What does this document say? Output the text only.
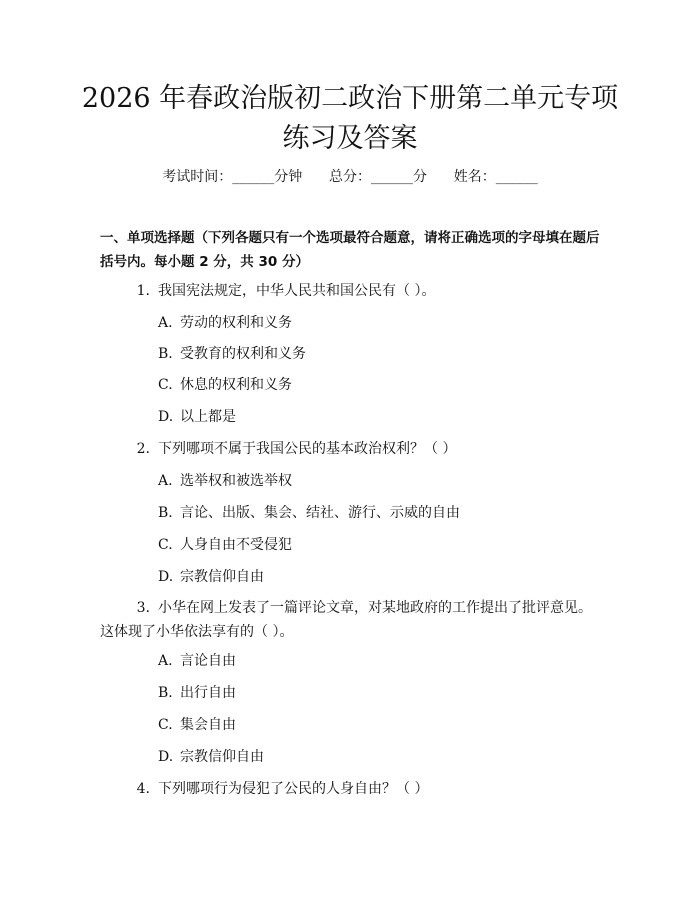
2026 年春政治版初二政治下册第二单元专项
练习及答案
考试时间：______分钟      总分：______分      姓名：______

一、单项选择题（下列各题只有一个选项最符合题意，请将正确选项的字母填在题后括号内。每小题 2 分，共 30 分）

1. 我国宪法规定，中华人民共和国公民有（ ）。
A. 劳动的权利和义务
B. 受教育的权利和义务
C. 休息的权利和义务
D. 以上都是
2. 下列哪项不属于我国公民的基本政治权利？（ ）
A. 选举权和被选举权
B. 言论、出版、集会、结社、游行、示威的自由
C. 人身自由不受侵犯
D. 宗教信仰自由
3. 小华在网上发表了一篇评论文章，对某地政府的工作提出了批评意见。这体现了小华依法享有的（ ）。
A. 言论自由
B. 出行自由
C. 集会自由
D. 宗教信仰自由
4. 下列哪项行为侵犯了公民的人身自由？（ ）
